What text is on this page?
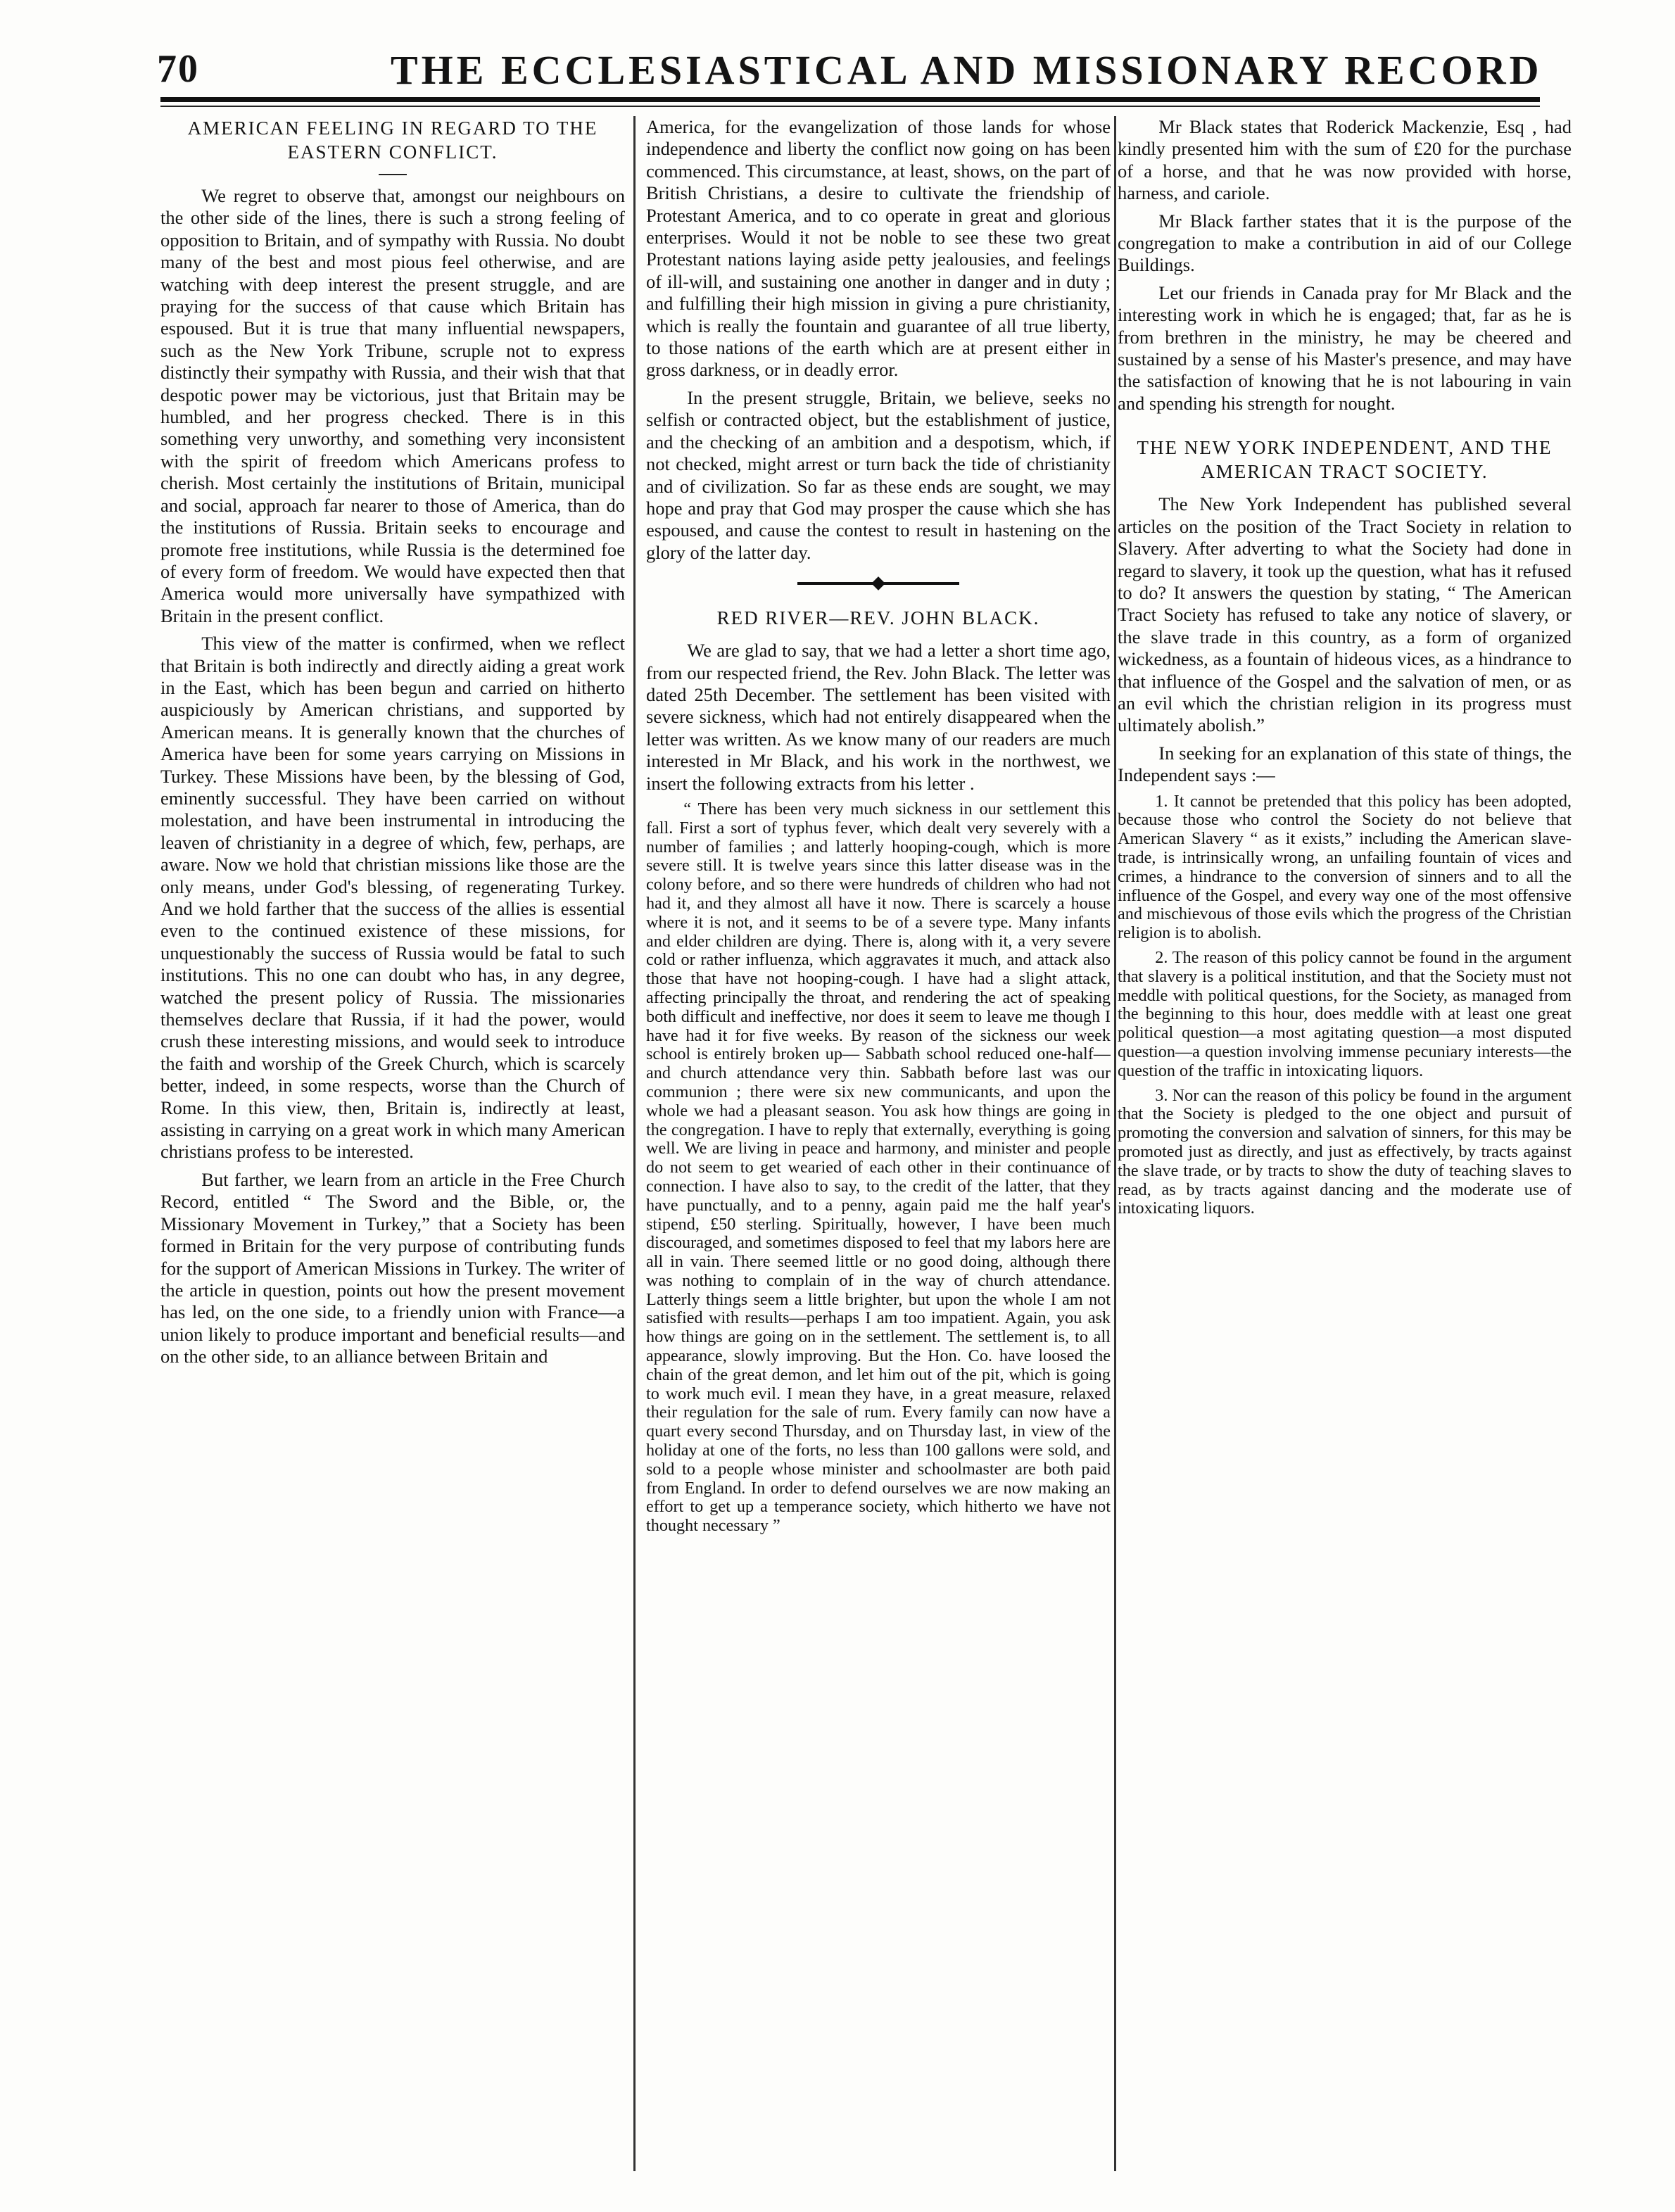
70	THE ECCLESIASTICAL AND MISSIONARY RECORD
AMERICAN FEELING IN REGARD TO THE EASTERN CONFLICT.

We regret to observe that, amongst our neighbours on the other side of the lines, there is such a strong feeling of opposition to Britain, and of sympathy with Russia. No doubt many of the best and most pious feel otherwise, and are watching with deep interest the present struggle, and are praying for the success of that cause which Britain has espoused. But it is true that many influential newspapers, such as the New York Tribune, scruple not to express distinctly their sympathy with Russia, and their wish that that despotic power may be victorious, just that Britain may be humbled, and her progress checked. There is in this something very unworthy, and something very inconsistent with the spirit of freedom which Americans profess to cherish. Most certainly the institutions of Britain, municipal and social, approach far nearer to those of America, than do the institutions of Russia. Britain seeks to encourage and promote free institutions, while Russia is the determined foe of every form of freedom. We would have expected then that America would more universally have sympathized with Britain in the present conflict.

This view of the matter is confirmed, when we reflect that Britain is both indirectly and directly aiding a great work in the East, which has been begun and carried on hitherto auspiciously by American christians, and supported by American means. It is generally known that the churches of America have been for some years carrying on Missions in Turkey. These Missions have been, by the blessing of God, eminently successful. They have been carried on without molestation, and have been instrumental in introducing the leaven of christianity in a degree of which, few, perhaps, are aware. Now we hold that christian missions like those are the only means, under God's blessing, of regenerating Turkey. And we hold farther that the success of the allies is essential even to the continued existence of these missions, for unquestionably the success of Russia would be fatal to such institutions. This no one can doubt who has, in any degree, watched the present policy of Russia. The missionaries themselves declare that Russia, if it had the power, would crush these interesting missions, and would seek to introduce the faith and worship of the Greek Church, which is scarcely better, indeed, in some respects, worse than the Church of Rome. In this view, then, Britain is, indirectly at least, assisting in carrying on a great work in which many American christians profess to be interested.

But farther, we learn from an article in the Free Church Record, entitled “ The Sword and the Bible, or, the Missionary Movement in Turkey,” that a Society has been formed in Britain for the very purpose of contributing funds for the support of American Missions in Turkey. The writer of the article in question, points out how the present movement has led, on the one side, to a friendly union with France—a union likely to produce important and beneficial results—and on the other side, to an alliance between Britain and

America, for the evangelization of those lands for whose independence and liberty the conflict now going on has been commenced. This circumstance, at least, shows, on the part of British Christians, a desire to cultivate the friendship of Protestant America, and to co operate in great and glorious enterprises. Would it not be noble to see these two great Protestant nations laying aside petty jealousies, and feelings of ill-will, and sustaining one another in danger and in duty ; and fulfilling their high mission in giving a pure christianity, which is really the fountain and guarantee of all true liberty, to those nations of the earth which are at present either in gross darkness, or in deadly error.

In the present struggle, Britain, we believe, seeks no selfish or contracted object, but the establishment of justice, and the checking of an ambition and a despotism, which, if not checked, might arrest or turn back the tide of christianity and of civilization. So far as these ends are sought, we may hope and pray that God may prosper the cause which she has espoused, and cause the contest to result in hastening on the glory of the latter day.

RED RIVER—REV. JOHN BLACK.

We are glad to say, that we had a letter a short time ago, from our respected friend, the Rev. John Black. The letter was dated 25th December. The settlement has been visited with severe sickness, which had not entirely disappeared when the letter was written. As we know many of our readers are much interested in Mr Black, and his work in the northwest, we insert the following extracts from his letter .

“ There has been very much sickness in our settlement this fall. First a sort of typhus fever, which dealt very severely with a number of families ; and latterly hooping-cough, which is more severe still. It is twelve years since this latter disease was in the colony before, and so there were hundreds of children who had not had it, and they almost all have it now. There is scarcely a house where it is not, and it seems to be of a severe type. Many infants and elder children are dying. There is, along with it, a very severe cold or rather influenza, which aggravates it much, and attack also those that have not hooping-cough. I have had a slight attack, affecting principally the throat, and rendering the act of speaking both difficult and ineffective, nor does it seem to leave me though I have had it for five weeks. By reason of the sickness our week school is entirely broken up— Sabbath school reduced one-half—and church attendance very thin. Sabbath before last was our communion ; there were six new communicants, and upon the whole we had a pleasant season. You ask how things are going in the congregation. I have to reply that externally, everything is going well. We are living in peace and harmony, and minister and people do not seem to get wearied of each other in their continuance of connection. I have also to say, to the credit of the latter, that they have punctually, and to a penny, again paid me the half year's stipend, £50 sterling. Spiritually, however, I have been much discouraged, and sometimes disposed to feel that my labors here are all in vain. There seemed little or no good doing, although there was nothing to complain of in the way of church attendance. Latterly things seem a little brighter, but upon the whole I am not satisfied with results—perhaps I am too impatient. Again, you ask how things are going on in the settlement. The settlement is, to all appearance, slowly improving. But the Hon. Co. have loosed the chain of the great demon, and let him out of the pit, which is going to work much evil. I mean they have, in a great measure, relaxed their regulation for the sale of rum. Every family can now have a quart every second Thursday, and on Thursday last, in view of the holiday at one of the forts, no less than 100 gallons were sold, and sold to a people whose minister and schoolmaster are both paid from England. In order to defend ourselves we are now making an effort to get up a temperance society, which hitherto we have not thought necessary ”

Mr Black states that Roderick Mackenzie, Esq , had kindly presented him with the sum of £20 for the purchase of a horse, and that he was now provided with horse, harness, and cariole.

Mr Black farther states that it is the purpose of the congregation to make a contribution in aid of our College Buildings.

Let our friends in Canada pray for Mr Black and the interesting work in which he is engaged; that, far as he is from brethren in the ministry, he may be cheered and sustained by a sense of his Master's presence, and may have the satisfaction of knowing that he is not labouring in vain and spending his strength for nought.

THE NEW YORK INDEPENDENT, AND THE AMERICAN TRACT SOCIETY.

The New York Independent has published several articles on the position of the Tract Society in relation to Slavery. After adverting to what the Society had done in regard to slavery, it took up the question, what has it refused to do? It answers the question by stating, “ The American Tract Society has refused to take any notice of slavery, or the slave trade in this country, as a form of organized wickedness, as a fountain of hideous vices, as a hindrance to that influence of the Gospel and the salvation of men, or as an evil which the christian religion in its progress must ultimately abolish.”

In seeking for an explanation of this state of things, the Independent says :—

1. It cannot be pretended that this policy has been adopted, because those who control the Society do not believe that American Slavery “ as it exists,” including the American slave-trade, is intrinsically wrong, an unfailing fountain of vices and crimes, a hindrance to the conversion of sinners and to all the influence of the Gospel, and every way one of the most offensive and mischievous of those evils which the progress of the Christian religion is to abolish.

2. The reason of this policy cannot be found in the argument that slavery is a political institution, and that the Society must not meddle with political questions, for the Society, as managed from the beginning to this hour, does meddle with at least one great political question—a most agitating question—a most disputed question—a question involving immense pecuniary interests—the question of the traffic in intoxicating liquors.

3. Nor can the reason of this policy be found in the argument that the Society is pledged to the one object and pursuit of promoting the conversion and salvation of sinners, for this may be promoted just as directly, and just as effectively, by tracts against the slave trade, or by tracts to show the duty of teaching slaves to read, as by tracts against dancing and the moderate use of intoxicating liquors.
